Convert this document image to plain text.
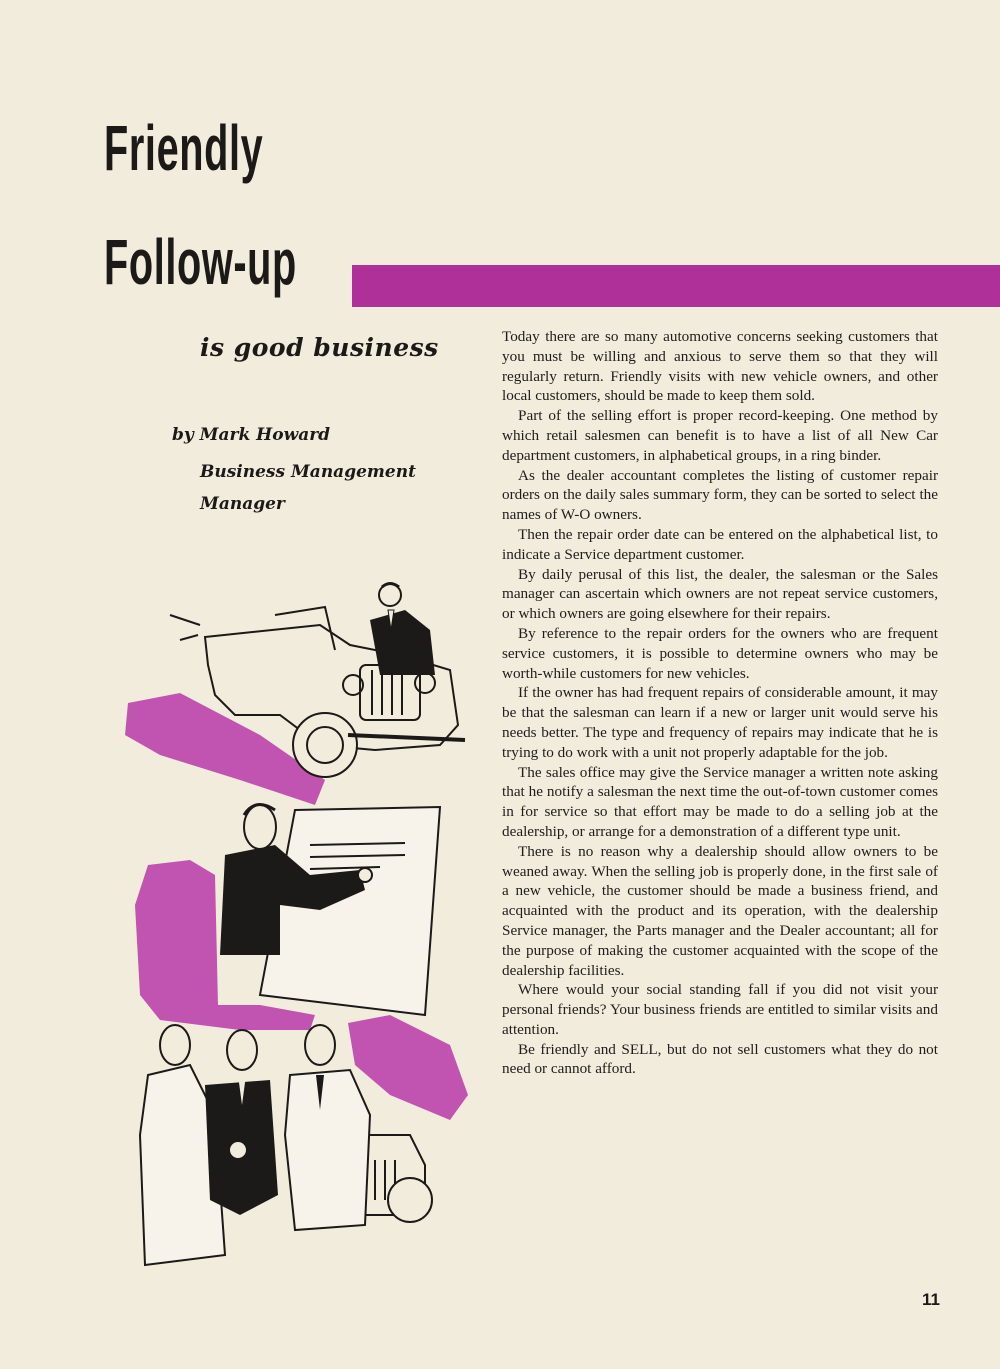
Friendly
Follow-up
is good business
by Mark Howard
Business Management
Manager

Today there are so many automotive concerns seeking customers that you must be willing and anxious to serve them so that they will regularly return. Friendly visits with new vehicle owners, and other local customers, should be made to keep them sold.

Part of the selling effort is proper record-keeping. One method by which retail salesmen can benefit is to have a list of all New Car department customers, in alphabetical groups, in a ring binder.

As the dealer accountant completes the listing of customer repair orders on the daily sales summary form, they can be sorted to select the names of W-O owners.

Then the repair order date can be entered on the alphabetical list, to indicate a Service department customer.

By daily perusal of this list, the dealer, the salesman or the Sales manager can ascertain which owners are not repeat service customers, or which owners are going elsewhere for their repairs.

By reference to the repair orders for the owners who are frequent service customers, it is possible to determine owners who may be worth-while customers for new vehicles.

If the owner has had frequent repairs of considerable amount, it may be that the salesman can learn if a new or larger unit would serve his needs better. The type and frequency of repairs may indicate that he is trying to do work with a unit not properly adaptable for the job.

The sales office may give the Service manager a written note asking that he notify a salesman the next time the out-of-town customer comes in for service so that effort may be made to do a selling job at the dealership, or arrange for a demonstration of a different type unit.

There is no reason why a dealership should allow owners to be weaned away. When the selling job is properly done, in the first sale of a new vehicle, the customer should be made a business friend, and acquainted with the product and its operation, with the dealership Service manager, the Parts manager and the Dealer accountant; all for the purpose of making the customer acquainted with the scope of the dealership facilities.

Where would your social standing fall if you did not visit your personal friends? Your business friends are entitled to similar visits and attention.

Be friendly and SELL, but do not sell customers what they do not need or cannot afford.

11
